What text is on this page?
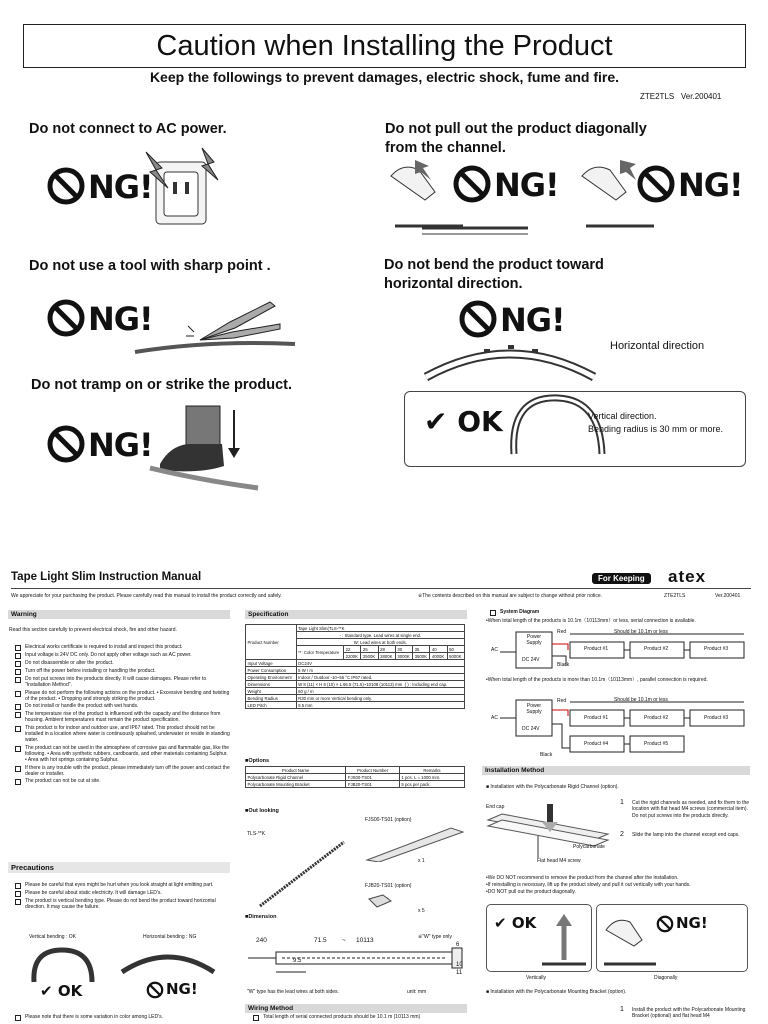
Caution when Installing the Product
Keep the followings to prevent damages, electric shock, fume and fire.
ZTE2TLS   Ver.200401
Do not connect to AC power.
NG!
Do not use a tool with sharp point .
NG!
Do not tramp on or strike the product.
NG!
Do not pull out the product diagonally
from the channel.
NG!	NG!
Do not bend the product toward
horizontal direction.
NG!
Horizontal direction
✔ OK	Vertical direction.
Bending radius is 30 mm or more.
Tape Light Slim Instruction Manual	For Keeping	atex
We appreciate for your purchasing the product. Please carefully read this manual to install the product correctly and safely.	※The contents described on this manual are subject to change without prior notice.	ZTE2TLS	Ver.200401
Warning
Read this section carefully to prevent electrical shock, fire and other hazard.
Electrical works certificate is required to install and inspect this product.
Input voltage is 24V DC only. Do not apply other voltage such as AC power.
Do not disassemble or alter the product.
Turn off the power before installing or handling the product.
Do not put screws into the products directly. It will cause damages. Please refer to "Installation Method".
Please do not perform the following actions on the product. • Excessive bending and twisting of the product. • Dropping and strongly striking the product.
Do not install or handle the product with wet hands.
The temperature rise of the product is influenced with the capacity and the distance from housing. Ambient temperatures must remain the product specification.
This product is for indoor and outdoor use, and IP67 rated. This product should not be installed in a location where water is continuously splashed, underwater or reside in standing water.
The product can not be used in the atmosphere of corrosive gas and flammable gas, like the following. • Area with synthetic rubbers, cardboards, and other materials containing Sulphur. • Area with hot springs containing Sulphur.
If there is any trouble with the product, please immediately turn off the power and contact the dealer or installer.
The product can not be cut at site.
Precautions
Please be careful that eyes might be hurt when you look straight at light emitting part.
Please be careful about static electricity. It will damage LED's.
The product is vertical bending type. Please do not bend the product toward horizontal direction. It may cause the failure.
Vertical bending : OK	Horizontal bending : NG
✔ OK	NG!
Please note that there is some variation in color among LED's.
Specification
Product Number	Tape Light Slim(TLS-**K							
	- : Standard type. Lead wires at single end.							
	W: Lead wires at both ends.							
	**: Color Temperature	22	25	28	30	35	40	50
		2200K	2500K	2800K	3000K	3500K	4000K	5000K
Input Voltage	DC24V							
Power Consumption	5 W / m							
Operating Environment	Indoor / Outdoor -10~55 °C IP67 rated.							
Dimensions	W 8 (11) × H 6 (10) × L 66.5 (71.5)~10108 (10113) mm  ( ) : Including end cap.							
Weight	60 g / m							
Bending Radius	R30 mm or more Vertical bending only.							
LED Pitch	9.5 mm							
■Options
Product Name	Product Number	Remarks
Polycarbonate Rigid Channel	FJS00-TS01	1 pcs. L = 1000 mm.
Polycarbonate Mounting Bracket	FJB20-TS01	5 pcs per pack.
■Out looking
TLS-**K
FJS00-TS01 (option)
x 1
FJB20-TS01 (option)
x 5
■Dimension
※"W" type only
240	71.5 ~ 10113
6
9.5
10
11
"W" type has the lead wires at both sides.	unit: mm
Wiring Method
Total length of serial connected products should be 10.1 m (10113 mm)
System Diagram
•When total length of the products is 10.1m（10113mm）or less, serial connection is available.
AC
Power Supply
DC 24V
Red
Black
Should be 10.1m or less
Product #1	Product #2	Product #3
•When total length of the products is more than 10.1m（10113mm）, parallel connection is required.
AC
Power Supply
DC 24V
Red
Black
Should be 10.1m or less
Product #1	Product #2	Product #3
Product #4	Product #5
Installation Method
■ Installation with the Polycarbonate Rigid Channel (option).
End cap
Polycarbonate
Flat head M4 screw
1 Cut the rigid channels as needed, and fix them to the location with flat head M4 screws (commercial item). Do not put screws into the products directly.
2 Slide the lamp into the channel except end caps.
•We DO NOT recommend to remove the product from the channel after the installation.
•If reinstalling is necessary, lift up the product slowly and pull it out vertically with your hands.
•DO NOT pull out the product diagonally.
✔ OK
Vertically
NG!
Diagonally
■ Installation with the Polycarbonate Mounting Bracket (option).
1 Install the product with the Polycarbonate Mounting Bracket (optional) and flat head M4
